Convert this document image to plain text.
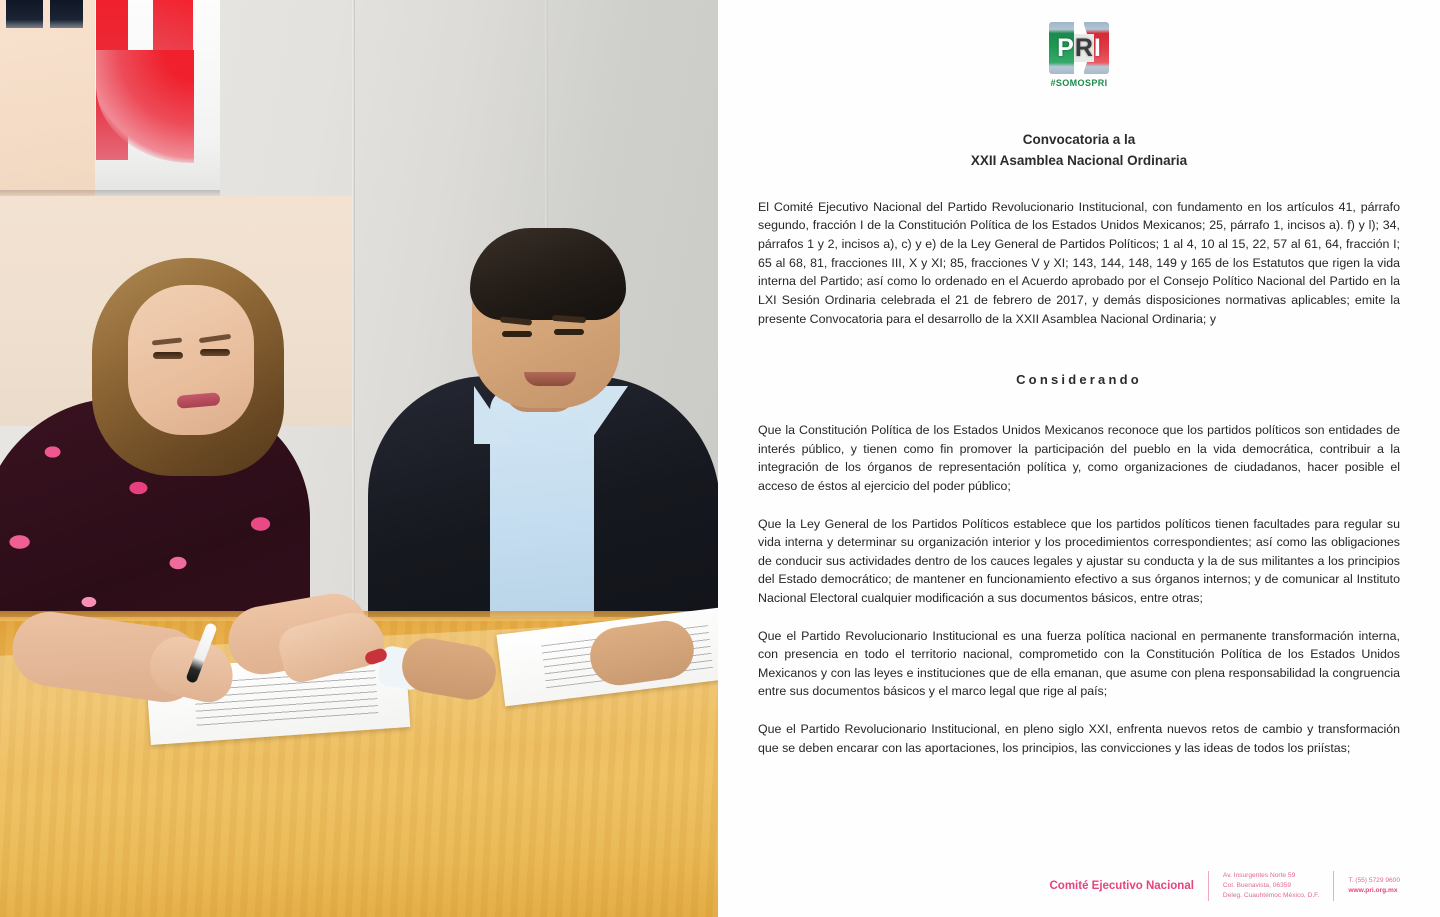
PRI
#SOMOSPRI
Convocatoria a la
XXII Asamblea Nacional Ordinaria

El Comité Ejecutivo Nacional del Partido Revolucionario Institucional, con fundamento en los artículos 41, párrafo segundo, fracción I de la Constitución Política de los Estados Unidos Mexicanos; 25, párrafo 1, incisos a). f) y l); 34, párrafos 1 y 2, incisos a), c) y e) de la Ley General de Partidos Políticos; 1 al 4, 10 al 15, 22, 57 al 61, 64, fracción I; 65 al 68, 81, fracciones III, X y XI; 85, fracciones V y XI; 143, 144, 148, 149 y 165 de los Estatutos que rigen la vida interna del Partido; así como lo ordenado en el Acuerdo aprobado por el Consejo Político Nacional del Partido en la LXI Sesión Ordinaria celebrada el 21 de febrero de 2017, y demás disposiciones normativas aplicables; emite la presente Convocatoria para el desarrollo de la XXII Asamblea Nacional Ordinaria; y

Considerando

Que la Constitución Política de los Estados Unidos Mexicanos reconoce que los partidos políticos son entidades de interés público, y tienen como fin promover la participación del pueblo en la vida democrática, contribuir a la integración de los órganos de representación política y, como organizaciones de ciudadanos, hacer posible el acceso de éstos al ejercicio del poder público;

Que la Ley General de los Partidos Políticos establece que los partidos políticos tienen facultades para regular su vida interna y determinar su organización interior y los procedimientos correspondientes; así como las obligaciones de conducir sus actividades dentro de los cauces legales y ajustar su conducta y la de sus militantes a los principios del Estado democrático; de mantener en funcionamiento efectivo a sus órganos internos; y de comunicar al Instituto Nacional Electoral cualquier modificación a sus documentos básicos, entre otras;

Que el Partido Revolucionario Institucional es una fuerza política nacional en permanente transformación interna, con presencia en todo el territorio nacional, comprometido con la Constitución Política de los Estados Unidos Mexicanos y con las leyes e instituciones que de ella emanan, que asume con plena responsabilidad la congruencia entre sus documentos básicos y el marco legal que rige al país;

Que el Partido Revolucionario Institucional, en pleno siglo XXI, enfrenta nuevos retos de cambio y transformación que se deben encarar con las aportaciones, los principios, las convicciones y las ideas de todos los priístas;

Comité Ejecutivo Nacional
Av. Insurgentes Norte 59
Col. Buenavista, 06359
Deleg. Cuauhtémoc México, D.F.
T. (55) 5729 9600
www.pri.org.mx
